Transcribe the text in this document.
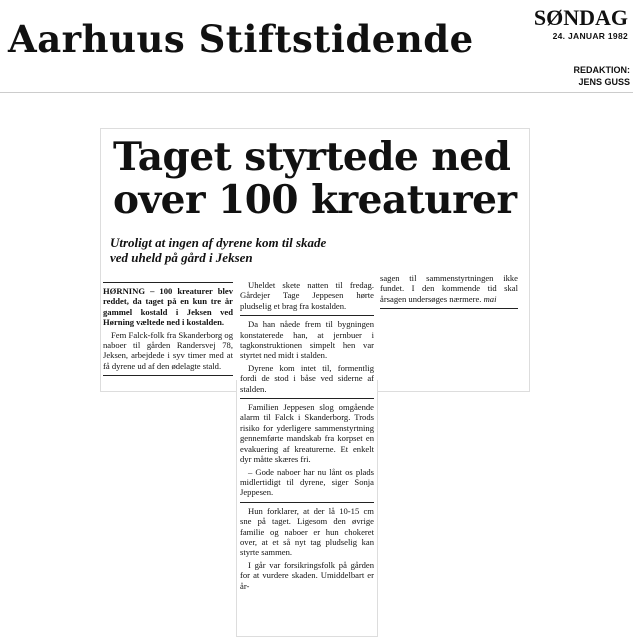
Aarhuus Stiftstidende	SØNDAG
24. JANUAR 1982
REDAKTION:
JENS GUSS
Taget styrtede ned
over 100 kreaturer
Utroligt at ingen af dyrene kom til skade
ved uheld på gård i Jeksen

HØRNING – 100 kreaturer blev reddet, da taget på en kun tre år gammel kostald i Jeksen ved Hørning væltede ned i kostalden.

Fem Falck-folk fra Skanderborg og naboer til gården Randersvej 78, Jeksen, arbejdede i syv timer med at få dyrene ud af den ødelagte stald.

Uheldet skete natten til fredag. Gårdejer Tage Jeppesen hørte pludselig et brag fra kostalden.

Da han nåede frem til bygningen konstaterede han, at jernbuer i tagkonstruktionen simpelt hen var styrtet ned midt i stalden.

Dyrene kom intet til, formentlig fordi de stod i båse ved siderne af stalden.

Familien Jeppesen slog omgående alarm til Falck i Skanderborg. Trods risiko for yderligere sammenstyrtning gennemførte mandskab fra korpset en evakuering af kreaturerne. Et enkelt dyr måtte skæres fri.

– Gode naboer har nu lånt os plads midlertidigt til dyrene, siger Sonja Jeppesen.

Hun forklarer, at der lå 10-15 cm sne på taget. Ligesom den øvrige familie og naboer er hun chokeret over, at et så nyt tag pludselig kan styrte sammen.

I går var forsikringsfolk på gården for at vurdere skaden. Umiddelbart er år-

sagen til sammenstyrtningen ikke fundet. I den kommende tid skal årsagen undersøges nærmere. mai
